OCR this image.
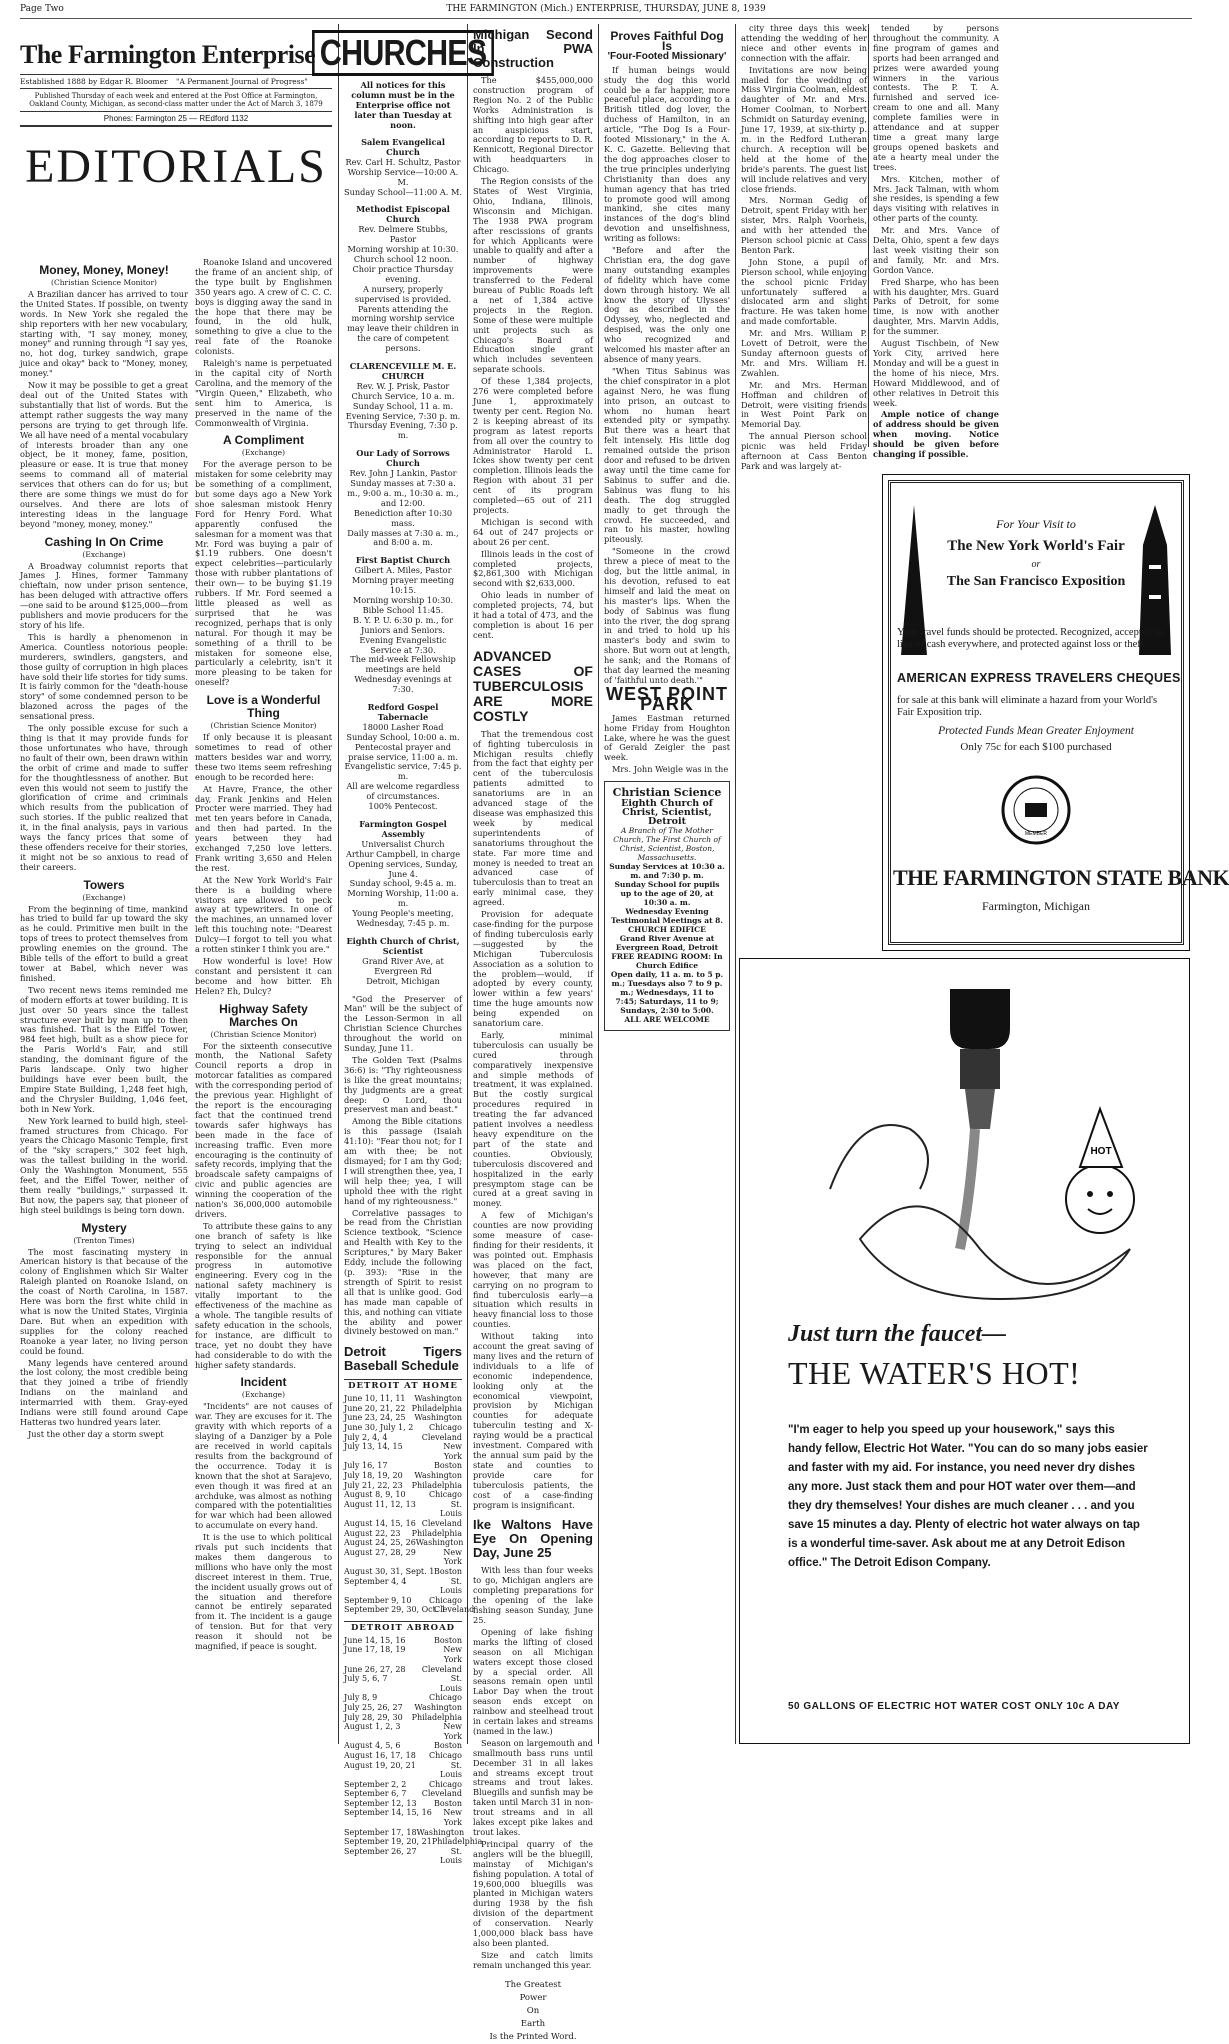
Page Two	THE FARMINGTON (Mich.) ENTERPRISE, THURSDAY, JUNE 8, 1939
The Farmington Enterprise
Established 1888 by Edgar R. Bloomer	"A Permanent Journal of Progress"
Published Thursday of each week and entered at the Post Office at Farmington, Oakland County, Michigan, as second-class matter under the Act of March 3, 1879
Phones: Farmington 25 — REdford 1132
EDITORIALS
Money, Money, Money!
(Christian Science Monitor)

A Brazilian dancer has arrived to tour the United States. If possible, on twenty words. In New York she regaled the ship reporters with her new vocabulary, starting with, "I say money, money, money" and running through "I say yes, no, hot dog, turkey sandwich, grape juice and okay" back to "Money, money, money."

Now it may be possible to get a great deal out of the United States with substantially that list of words. But the attempt rather suggests the way many persons are trying to get through life. We all have need of a mental vocabulary of interests broader than any one object, be it money, fame, position, pleasure or ease. It is true that money seems to command all of material services that others can do for us; but there are some things we must do for ourselves. And there are lots of interesting ideas in the language beyond "money, money, money."

Cashing In On Crime
(Exchange)

A Broadway columnist reports that James J. Hines, former Tammany chieftain, now under prison sentence, has been deluged with attractive offers—one said to be around $125,000—from publishers and movie producers for the story of his life.

This is hardly a phenomenon in America. Countless notorious people: murderers, swindlers, gangsters, and those guilty of corruption in high places have sold their life stories for tidy sums. It is fairly common for the "death-house story" of some condemned person to be blazoned across the pages of the sensational press.

The only possible excuse for such a thing is that it may provide funds for those unfortunates who have, through no fault of their own, been drawn within the orbit of crime and made to suffer for the thoughtlessness of another. But even this would not seem to justify the glorification of crime and criminals which results from the publication of such stories. If the public realized that it, in the final analysis, pays in various ways the fancy prices that some of these offenders receive for their stories, it might not be so anxious to read of their careers.

Towers
(Exchange)

From the beginning of time, mankind has tried to build far up toward the sky as he could. Primitive men built in the tops of trees to protect themselves from prowling enemies on the ground. The Bible tells of the effort to build a great tower at Babel, which never was finished.

Two recent news items reminded me of modern efforts at tower building. It is just over 50 years since the tallest structure ever built by man up to then was finished. That is the Eiffel Tower, 984 feet high, built as a show piece for the Paris World's Fair, and still standing, the dominant figure of the Paris landscape. Only two higher buildings have ever been built, the Empire State Building, 1,248 feet high, and the Chrysler Building, 1,046 feet, both in New York.

New York learned to build high, steel-framed structures from Chicago. For years the Chicago Masonic Temple, first of the "sky scrapers," 302 feet high, was the tallest building in the world. Only the Washington Monument, 555 feet, and the Eiffel Tower, neither of them really "buildings," surpassed it. But now, the papers say, that pioneer of high steel buildings is being torn down.

Mystery
(Trenton Times)

The most fascinating mystery in American history is that because of the colony of Englishmen which Sir Walter Raleigh planted on Roanoke Island, on the coast of North Carolina, in 1587. Here was born the first white child in what is now the United States, Virginia Dare. But when an expedition with supplies for the colony reached Roanoke a year later, no living person could be found.

Many legends have centered around the lost colony, the most credible being that they joined a tribe of friendly Indians on the mainland and intermarried with them. Gray-eyed Indians were still found around Cape Hatteras two hundred years later.

Just the other day a storm swept

Roanoke Island and uncovered the frame of an ancient ship, of the type built by Englishmen 350 years ago. A crew of C. C. C. boys is digging away the sand in the hope that there may be found, in the old hulk, something to give a clue to the real fate of the Roanoke colonists.

Raleigh's name is perpetuated in the capital city of North Carolina, and the memory of the "Virgin Queen," Elizabeth, who sent him to America, is preserved in the name of the Commonwealth of Virginia.

A Compliment
(Exchange)

For the average person to be mistaken for some celebrity may be something of a compliment, but some days ago a New York shoe salesman mistook Henry Ford for Henry Ford. What apparently confused the salesman for a moment was that Mr. Ford was buying a pair of $1.19 rubbers. One doesn't expect celebrities—particularly those with rubber plantations of their own— to be buying $1.19 rubbers. If Mr. Ford seemed a little pleased as well as surprised that he was recognized, perhaps that is only natural. For though it may be something of a thrill to be mistaken for someone else, particularly a celebrity, isn't it more pleasing to be taken for oneself?

Love is a Wonderful Thing
(Christian Science Monitor)

If only because it is pleasant sometimes to read of other matters besides war and worry, these two items seem refreshing enough to be recorded here:

At Havre, France, the other day, Frank Jenkins and Helen Procter were married. They had met ten years before in Canada, and then had parted. In the years between they had exchanged 7,250 love letters. Frank writing 3,650 and Helen the rest.

At the New York World's Fair there is a building where visitors are allowed to peck away at typewriters. In one of the machines, an unnamed lover left this touching note: "Dearest Dulcy—I forgot to tell you what a rotten stinker I think you are."

How wonderful is love! How constant and persistent it can become and how bitter. Eh Helen? Eh, Dulcy?

Highway Safety Marches On
(Christian Science Monitor)

For the sixteenth consecutive month, the National Safety Council reports a drop in motorcar fatalities as compared with the corresponding period of the previous year. Highlight of the report is the encouraging fact that the continued trend towards safer highways has been made in the face of increasing traffic. Even more encouraging is the continuity of safety records, implying that the broadscale safety campaigns of civic and public agencies are winning the cooperation of the nation's 36,000,000 automobile drivers.

To attribute these gains to any one branch of safety is like trying to select an individual responsible for the annual progress in automotive engineering. Every cog in the national safety machinery is vitally important to the effectiveness of the machine as a whole. The tangible results of safety education in the schools, for instance, are difficult to trace, yet no doubt they have had considerable to do with the higher safety standards.

Incident
(Exchange)

"Incidents" are not causes of war. They are excuses for it. The gravity with which reports of a slaying of a Danziger by a Pole are received in world capitals results from the background of the occurrence. Today it is known that the shot at Sarajevo, even though it was fired at an archduke, was almost as nothing compared with the potentialities for war which had been allowed to accumulate on every hand.

It is the use to which political rivals put such incidents that makes them dangerous to millions who have only the most discreet interest in them. True, the incident usually grows out of the situation and therefore cannot be entirely separated from it. The incident is a gauge of tension. But for that very reason it should not be magnified, if peace is sought.

CHURCHES
All notices for this column must be in the Enterprise office not later than Tuesday at noon.
Salem Evangelical Church
Rev. Carl H. Schultz, Pastor
Worship Service—10:00 A. M.
Sunday School—11:00 A. M.
Methodist Episcopal Church
Rev. Delmere Stubbs, Pastor
Morning worship at 10:30.
Church school 12 noon.
Choir practice Thursday evening.
A nursery, properly supervised is provided. Parents attending the morning worship service may leave their children in the care of competent persons.
CLARENCEVILLE M. E. CHURCH
Rev. W. J. Prisk, Pastor
Church Service, 10 a. m.
Sunday School, 11 a. m.
Evening Service, 7:30 p. m.
Thursday Evening, 7:30 p. m.
Our Lady of Sorrows Church
Rev. John J Lankin, Pastor
Sunday masses at 7:30 a. m., 9:00 a. m., 10:30 a. m., and 12:00.
Benediction after 10:30 mass.
Daily masses at 7:30 a. m., and 8:00 a. m.
First Baptist Church
Gilbert A. Miles, Pastor
Morning prayer meeting 10:15.
Morning worship 10:30.
Bible School 11:45.
B. Y. P. U. 6:30 p. m., for Juniors and Seniors.
Evening Evangelistic Service at 7:30.
The mid-week Fellowship meetings are held Wednesday evenings at 7:30.
Redford Gospel Tabernacle
18000 Lasher Road
Sunday School, 10:00 a. m.
Pentecostal prayer and praise service, 11:00 a. m.
Evangelistic service, 7:45 p. m.
All are welcome regardless of circumstances.
100% Pentecost.
Farmington Gospel Assembly
Universalist Church
Arthur Campbell, in charge
Opening services, Sunday, June 4.
Sunday school, 9:45 a. m.
Morning Worship, 11:00 a. m.
Young People's meeting, Wednesday, 7:45 p. m.
Eighth Church of Christ, Scientist
Grand River Ave, at Evergreen Rd
Detroit, Michigan

"God the Preserver of Man" will be the subject of the Lesson-Sermon in all Christian Science Churches throughout the world on Sunday, June 11.

The Golden Text (Psalms 36:6) is: "Thy righteousness is like the great mountains; thy judgments are a great deep: O Lord, thou preservest man and beast."

Among the Bible citations is this passage (Isaiah 41:10): "Fear thou not; for I am with thee; be not dismayed; for I am thy God; I will strengthen thee, yea, I will help thee; yea, I will uphold thee with the right hand of my righteousness."

Correlative passages to be read from the Christian Science textbook, "Science and Health with Key to the Scriptures," by Mary Baker Eddy, include the following (p. 393): "Rise in the strength of Spirit to resist all that is unlike good. God has made man capable of this, and nothing can vitiate the ability and power divinely bestowed on man."

Detroit Tigers Baseball Schedule
DETROIT AT HOME
June 10, 11, 11	Washington
June 20, 21, 22 Philadelphia
June 23, 24, 25	Washington
June 30, July 1, 2	Chicago
July 2, 4, 4	Cleveland
July 13, 14, 15	New York
July 16, 17	Boston
July 18, 19, 20	Washington
July 21, 22, 23	Philadelphia
August 8, 9, 10	Chicago
August 11, 12, 13	St. Louis
August 14, 15, 16 Cleveland
August 22, 23	Philadelphia
August 24, 25, 26 Washington
August 27, 28, 29	New York
August 30, 31, Sept. 1 Boston
September 4, 4	St. Louis
September 9, 10	Chicago
September 29, 30, Oct. 1
Cleveland
DETROIT ABROAD
June 14, 15, 16	Boston
June 17, 18, 19	New York
June 26, 27, 28	Cleveland
July 5, 6, 7	St. Louis
July 8, 9	Chicago
July 25, 26, 27	Washington
July 28, 29, 30	Philadelphia
August 1, 2, 3	New York
August 4, 5, 6	Boston
August 16, 17, 18	Chicago
August 19, 20, 21	St. Louis
September 2, 2	Chicago
September 6, 7	Cleveland
September 12, 13	Boston
September 14, 15, 16	New York
September 17, 18 Washington
September 19, 20, 21 Philadelphia
September 26, 27	St. Louis
Michigan Second In PWA Construction

The $455,000,000 construction program of Region No. 2 of the Public Works Administration is shifting into high gear after an auspicious start, according to reports to D. R. Kennicott, Regional Director with headquarters in Chicago.

The Region consists of the States of West Virginia, Ohio, Indiana, Illinois, Wisconsin and Michigan. The 1938 PWA program after rescissions of grants for which Applicants were unable to qualify and after a number of highway improvements were transferred to the Federal bureau of Public Roads left a net of 1,384 active projects in the Region. Some of these were multiple unit projects such as Chicago's Board of Education single grant which includes seventeen separate schools.

Of these 1,384 projects, 276 were completed before June 1, approximately twenty per cent. Region No. 2 is keeping abreast of its program as latest reports from all over the country to Administrator Harold L. Ickes show twenty per cent completion. Illinois leads the Region with about 31 per cent of its program completed—65 out of 211 projects.

Michigan is second with 64 out of 247 projects or about 26 per cent.

Illinois leads in the cost of completed projects, $2,861,300 with Michigan second with $2,633,000.

Ohio leads in number of completed projects, 74, but it had a total of 473, and the completion is about 16 per cent.

ADVANCED CASES OF TUBERCULOSIS ARE MORE COSTLY

That the tremendous cost of fighting tuberculosis in Michigan results chiefly from the fact that eighty per cent of the tuberculosis patients admitted to sanatoriums are in an advanced stage of the disease was emphasized this week by medical superintendents of sanatoriums throughout the state. Far more time and money is needed to treat an advanced case of tuberculosis than to treat an early minimal case, they agreed.

Provision for adequate case-finding for the purpose of finding tuberculosis early—suggested by the Michigan Tuberculosis Association as a solution to the problem—would, if adopted by every county, lower within a few years' time the huge amounts now being expended on sanatorium care.

Early, minimal tuberculosis can usually be cured through comparatively inexpensive and simple methods of treatment, it was explained. But the costly surgical procedures required in treating the far advanced patient involves a needless heavy expenditure on the part of the state and counties. Obviously, tuberculosis discovered and hospitalized in the early presymptom stage can be cured at a great saving in money.

A few of Michigan's counties are now providing some measure of case-finding for their residents, it was pointed out. Emphasis was placed on the fact, however, that many are carrying on no program to find tuberculosis early—a situation which results in heavy financial loss to those counties.

Without taking into account the great saving of many lives and the return of individuals to a life of economic independence, looking only at the economical viewpoint, provision by Michigan counties for adequate tuberculin testing and X-raying would be a practical investment. Compared with the annual sum paid by the state and counties to provide care for tuberculosis patients, the cost of a case-finding program is insignificant.

Ike Waltons Have Eye On Opening Day, June 25

With less than four weeks to go, Michigan anglers are completing preparations for the opening of the lake fishing season Sunday, June 25.

Opening of lake fishing marks the lifting of closed season on all Michigan waters except those closed by a special order. All seasons remain open until Labor Day when the trout season ends except on rainbow and steelhead trout in certain lakes and streams (named in the law.)

Season on largemouth and smallmouth bass runs until December 31 in all lakes and streams except trout streams and trout lakes. Bluegills and sunfish may be taken until March 31 in non-trout streams and in all lakes except pike lakes and trout lakes.

Principal quarry of the anglers will be the bluegill, mainstay of Michigan's fishing population. A total of 19,600,000 bluegills was planted in Michigan waters during 1938 by the fish division of the department of conservation. Nearly 1,000,000 black bass have also been planted.

Size and catch limits remain unchanged this year.

The Greatest
Power
On
Earth
Is the Printed Word.
Proves Faithful Dog Is
'Four-Footed Missionary'

If human beings would study the dog this world could be a far happier, more peaceful place, according to a British titled dog lover, the duchess of Hamilton, in an article, "The Dog Is a Four-footed Missionary," in the A. K. C. Gazette. Believing that the dog approaches closer to the true principles underlying Christianity than does any human agency that has tried to promote good will among mankind, she cites many instances of the dog's blind devotion and unselfishness, writing as follows:

"Before and after the Christian era, the dog gave many outstanding examples of fidelity which have come down through history. We all know the story of Ulysses' dog as described in the Odyssey, who, neglected and despised, was the only one who recognized and welcomed his master after an absence of many years.

"When Titus Sabinus was the chief conspirator in a plot against Nero, he was flung into prison, an outcast to whom no human heart extended pity or sympathy. But there was a heart that felt intensely. His little dog remained outside the prison door and refused to be driven away until the time came for Sabinus to suffer and die. Sabinus was flung to his death. The dog struggled madly to get through the crowd. He succeeded, and ran to his master, howling piteously.

"Someone in the crowd threw a piece of meat to the dog, but the little animal, in his devotion, refused to eat himself and laid the meat on his master's lips. When the body of Sabinus was flung into the river, the dog sprang in and tried to hold up his master's body and swim to shore. But worn out at length, he sank; and the Romans of that day learned the meaning of 'faithful unto death.'"

WEST POINT PARK

James Eastman returned home Friday from Houghton Lake, where he was the guest of Gerald Zeigler the past week.

Mrs. John Weigle was in the

Christian Science
Eighth Church of Christ, Scientist, Detroit
A Branch of The Mother Church, The First Church of Christ, Scientist, Boston, Massachusetts.
Sunday Services at 10:30 a. m. and 7:30 p. m.
Sunday School for pupils up to the age of 20, at 10:30 a. m.
Wednesday Evening Testimonial Meetings at 8.
CHURCH EDIFICE
Grand River Avenue at Evergreen Road, Detroit
FREE READING ROOM: In Church Edifice
Open daily, 11 a. m. to 5 p. m.; Tuesdays also 7 to 9 p. m.; Wednesdays, 11 to 7:45; Saturdays, 11 to 9; Sundays, 2:30 to 5:00.
ALL ARE WELCOME

city three days this week attending the wedding of her niece and other events in connection with the affair.

Invitations are now being mailed for the wedding of Miss Virginia Coolman, eldest daughter of Mr. and Mrs. Homer Coolman, to Norbert Schmidt on Saturday evening, June 17, 1939, at six-thirty p. m. in the Redford Lutheran church. A reception will be held at the home of the bride's parents. The guest list will include relatives and very close friends.

Mrs. Norman Gedig of Detroit, spent Friday with her sister, Mrs. Ralph Voorheis, and with her attended the Pierson school picnic at Cass Benton Park.

John Stone, a pupil of Pierson school, while enjoying the school picnic Friday unfortunately suffered a dislocated arm and slight fracture. He was taken home and made comfortable.

Mr. and Mrs. William P. Lovett of Detroit, were the Sunday afternoon guests of Mr. and Mrs. William H. Zwahlen.

Mr. and Mrs. Herman Hoffman and children of Detroit, were visiting friends in West Point Park on Memorial Day.

The annual Pierson school picnic was held Friday afternoon at Cass Benton Park and was largely at-

tended by persons throughout the community. A fine program of games and sports had been arranged and prizes were awarded young winners in the various contests. The P. T. A. furnished and served ice-cream to one and all. Many complete families were in attendance and at supper time a great many large groups opened baskets and ate a hearty meal under the trees.

Mrs. Kitchen, mother of Mrs. Jack Talman, with whom she resides, is spending a few days visiting with relatives in other parts of the county.

Mr. and Mrs. Vance of Delta, Ohio, spent a few days last week visiting their son and family, Mr. and Mrs. Gordon Vance.

Fred Sharpe, who has been with his daughter, Mrs. Guard Parks of Detroit, for some time, is now with another daughter, Mrs. Marvin Addis, for the summer.

August Tischbein, of New York City, arrived here Monday and will be a guest in the home of his niece, Mrs. Howard Middlewood, and of other relatives in Detroit this week.

Ample notice of change of address should be given when moving. Notice should be given before changing if possible.

For Your Visit to
The New York World's Fair
or
The San Francisco Exposition
Your travel funds should be protected. Recognized, accepted in lieu of cash everywhere, and protected against loss or theft
AMERICAN EXPRESS TRAVELERS CHEQUES
for sale at this bank will eliminate a hazard from your World's Fair Exposition trip.
Protected Funds Mean Greater Enjoyment
Only 75c for each $100 purchased
MEMBER
THE FARMINGTON STATE BANK
Farmington, Michigan
HOT
Just turn the faucet—
THE WATER'S HOT!
"I'm eager to help you speed up your housework," says this handy fellow, Electric Hot Water. "You can do so many jobs easier and faster with my aid. For instance, you need never dry dishes any more. Just stack them and pour HOT water over them—and they dry themselves! Your dishes are much cleaner . . . and you save 15 minutes a day. Plenty of electric hot water always on tap is a wonderful time-saver. Ask about me at any Detroit Edison office." The Detroit Edison Company.
50 GALLONS OF ELECTRIC HOT WATER COST ONLY 10c A DAY
